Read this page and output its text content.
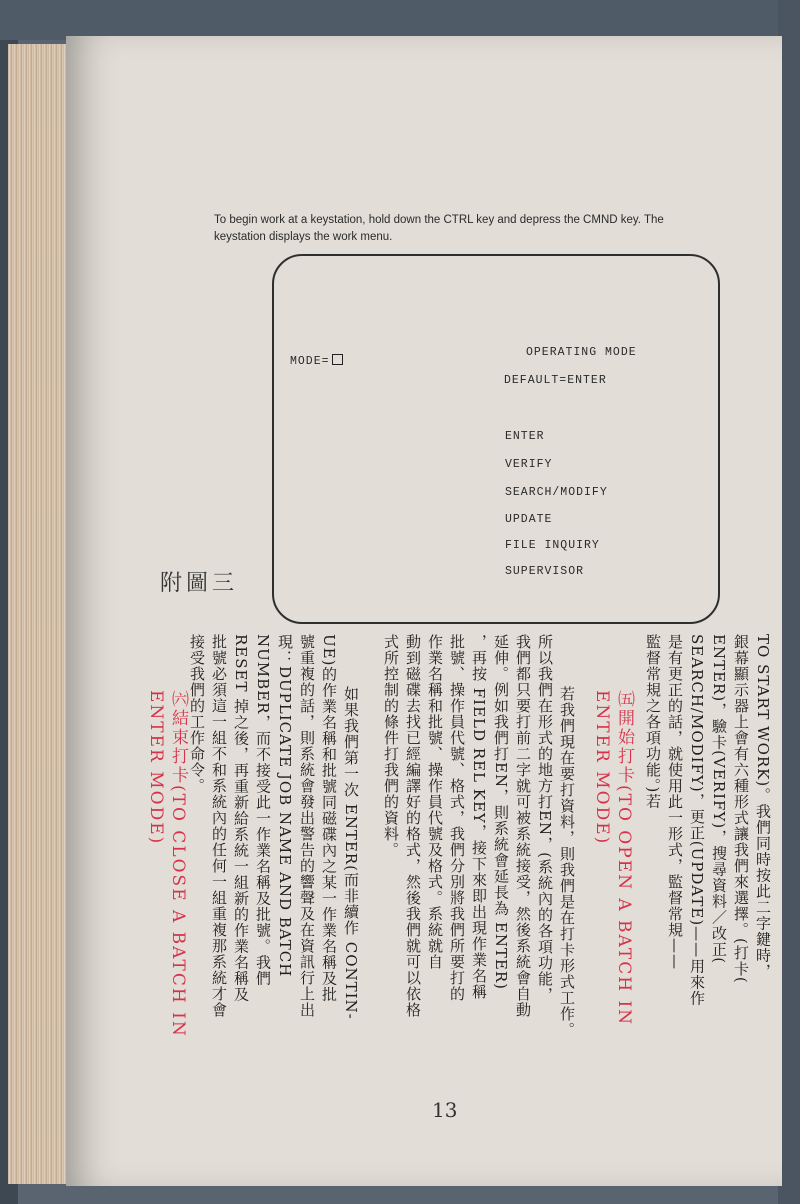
To begin work at a keystation, hold down the CTRL key and depress the CMND key. The keystation displays the work menu.
MODE=
OPERATING MODE
DEFAULT=ENTER
ENTER
VERIFY
SEARCH/MODIFY
UPDATE
FILE INQUIRY
SUPERVISOR
附圖三
TO START WORK)。我們同時按此二字鍵時，
銀幕顯示器上會有六種形式讓我們來選擇。(打卡(
ENTER)，驗卡(VERIFY)，搜尋資料／改正(
SEARCH/MODIFY)，更正(UPDATE)——用來作
監督常規之各項功能。)若 是有更正的話，就使用此一形式，監督常規——
㈤開始打卡(TO OPEN A BATCH IN ENTER MODE)
若我們現在要打資料，則我們是在打卡形式工作。
所以我們在形式的地方打EN，(系統內的各項功能，
我們都只要打前二字就可被系統接受，然後系統會自動
延伸。例如我們打EN，則系統會延長為 ENTER)
，再按 FIELD REL KEY，接下來即出現作業名稱
批號、操作員代號、格式，我們分別將我們所要打的
作業名稱和批號、操作員代號及格式。系統就自
動到磁碟去找已經編譯好的格式，然後我們就可以依格
式所控制的條件打我們的資料。
如果我們第一次 ENTER(而非續作 CONTIN-
UE)的作業名稱和批號同磁碟內之某一作業名稱及批
號重複的話，則系統會發出警告的響聲及在資訊行上出
現：DUPLICATE JOB NAME AND BATCH
NUMBER，而不接受此一作業名稱及批號。我們
RESET 掉之後，再重新給系統一組新的作業名稱及
批號必須這一組不和系統內的任何一組重複那系統才會
接受我們的工作命令。
㈥結束打卡(TO CLOSE A BATCH IN ENTER MODE)
13
